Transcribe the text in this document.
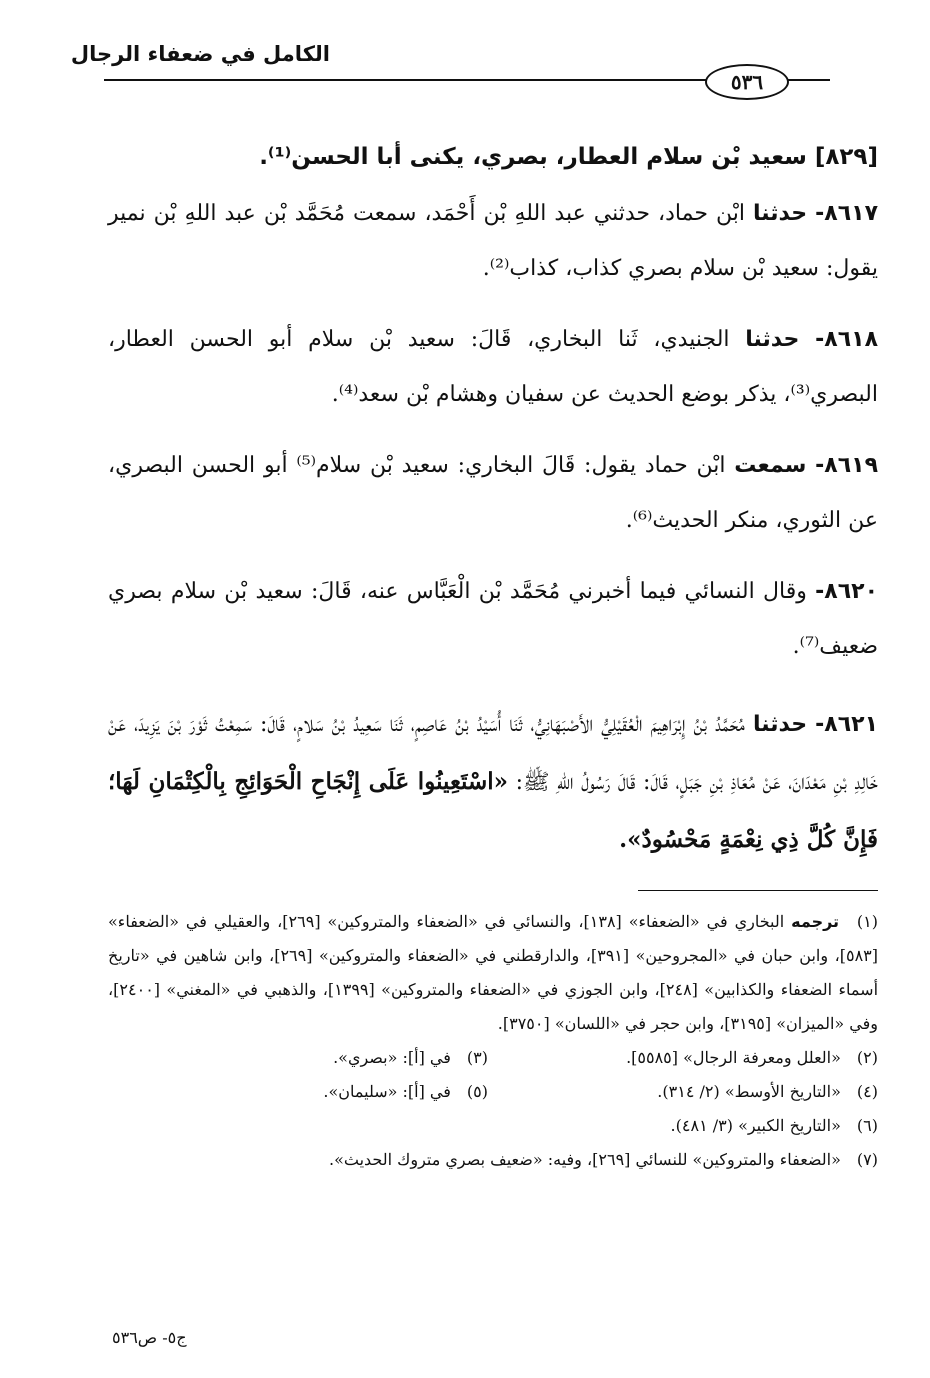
الكامل في ضعفاء الرجال
٥٣٦
[٨٢٩] سعيد بْن سلام العطار، بصري، يكنى أبا الحسن⁽¹⁾.

٨٦١٧- حدثنا ابْن حماد، حدثني عبد اللهِ بْن أَحْمَد، سمعت مُحَمَّد بْن عبد اللهِ بْن نمير يقول: سعيد بْن سلام بصري كذاب، كذاب⁽²⁾.

٨٦١٨- حدثنا الجنيدي، ثَنا البخاري، قَالَ: سعيد بْن سلام أبو الحسن العطار، البصري⁽³⁾، يذكر بوضع الحديث عن سفيان وهشام بْن سعد⁽⁴⁾.

٨٦١٩- سمعت ابْن حماد يقول: قَالَ البخاري: سعيد بْن سلام⁽⁵⁾ أبو الحسن البصري، عن الثوري، منكر الحديث⁽⁶⁾.

٨٦٢٠- وقال النسائي فيما أخبرني مُحَمَّد بْن الْعَبَّاس عنه، قَالَ: سعيد بْن سلام بصري ضعيف⁽⁷⁾.

٨٦٢١- حدثنا مُحَمَّدُ بْنُ إِبْرَاهِيمَ الْعُقَيْلِيُّ الأَصْبَهَانِيُّ، ثَنَا أُسَيْدُ بْنُ عَاصِمٍ، ثَنَا سَعِيدُ بْنُ سَلامٍ، قَالَ: سَمِعْتُ ثَوْرَ بْنَ يَزِيدَ، عَنْ خَالِدِ بْنِ مَعْدَانَ، عَنْ مُعَاذِ بْنِ جَبَلٍ، قَالَ: قَالَ رَسُولُ اللهِ ﷺ: «اسْتَعِينُوا عَلَى إِنْجَاحِ الْحَوَائِجِ بِالْكِتْمَانِ لَهَا؛ فَإِنَّ كُلَّ ذِي نِعْمَةٍ مَحْسُودٌ».

(١) ترجمه البخاري في «الضعفاء» [١٣٨]، والنسائي في «الضعفاء والمتروكين» [٢٦٩]، والعقيلي في «الضعفاء» [٥٨٣]، وابن حبان في «المجروحين» [٣٩١]، والدارقطني في «الضعفاء والمتروكين» [٢٦٩]، وابن شاهين في «تاريخ أسماء الضعفاء والكذابين» [٢٤٨]، وابن الجوزي في «الضعفاء والمتروكين» [١٣٩٩]، والذهبي في «المغني» [٢٤٠٠]، وفي «الميزان» [٣١٩٥]، وابن حجر في «اللسان» [٣٧٥٠].

(٢) «العلل ومعرفة الرجال» [٥٥٨٥].
(٣) في [أ]: «بصري».
(٤) «التاريخ الأوسط» (٢/ ٣١٤).
(٥) في [أ]: «سليمان».

(٦) «التاريخ الكبير» (٣/ ٤٨١).

(٧) «الضعفاء والمتروكين» للنسائي [٢٦٩]، وفيه: «ضعيف بصري متروك الحديث».

ج٥- ص٥٣٦
